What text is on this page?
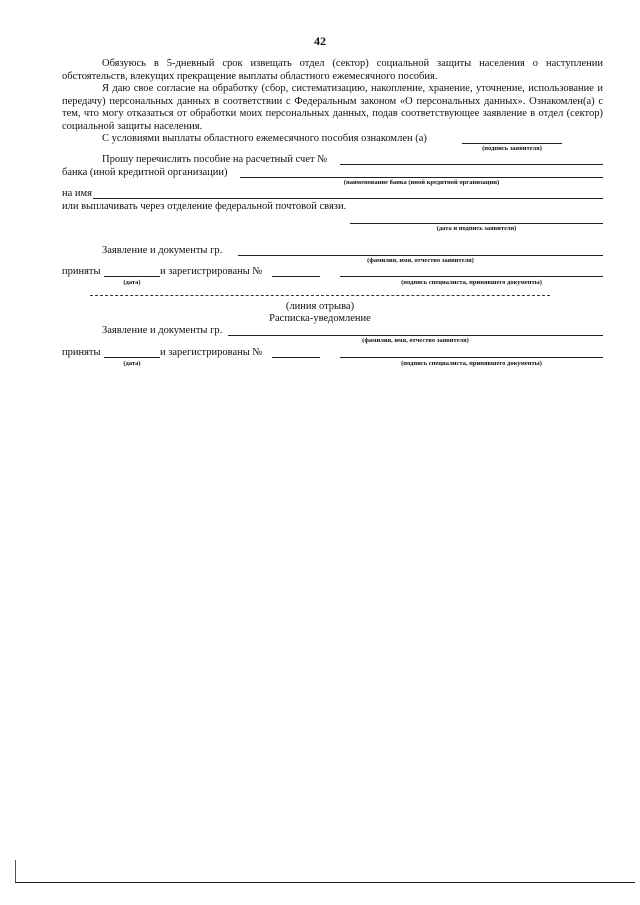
42
Обязуюсь в 5-дневный срок извещать отдел (сектор) социальной защиты населения о наступлении обстоятельств, влекущих прекращение выплаты областного ежемесячного пособия.
Я даю свое согласие на обработку (сбор, систематизацию, накопление, хранение, уточнение, использование и передачу) персональных данных в соответствии с Федеральным законом «О персональных данных». Ознакомлен(а) с тем, что могу отказаться от обработки моих персональных данных, подав соответствующее заявление в отдел (сектор) социальной защиты населения.
С условиями выплаты областного ежемесячного пособия ознакомлен (а)
(подпись заявителя)
Прошу перечислять пособие на расчетный счет №
банка (иной кредитной организации)
(наименование банка (иной кредитной организации)
на имя
или выплачивать через отделение федеральной почтовой связи.
(дата и подпись заявителя)
Заявление и документы гр.
(фамилия, имя, отчество заявителя)
приняты	и зарегистрированы №
(дата)	(подпись специалиста, принявшего документы)
(линия отрыва)
Расписка-уведомление
Заявление и документы гр.
(фамилия, имя, отчество заявителя)
приняты	и зарегистрированы №
(дата)	(подпись специалиста, принявшего документы)
